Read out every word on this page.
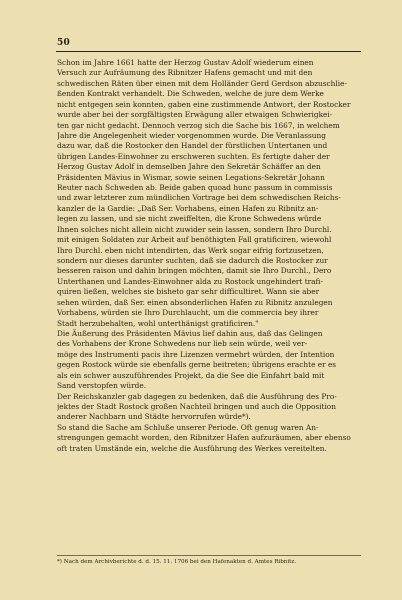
50
Schon im Jahre 1661 hatte der Herzog Gustav Adolf wiederum einen
Versuch zur Aufräumung des Ribnitzer Hafens gemacht und mit den
schwedischen Räten über einen mit dem Holländer Gerd Gerdson abzuschlie-
ßenden Kontrakt verhandelt. Die Schweden, welche de jure dem Werke
nicht entgegen sein konnten, gaben eine zustimmende Antwort, der Rostocker
wurde aber bei der sorgfältigsten Erwägung aller etwaigen Schwierigkei-
ten gar nicht gedacht. Dennoch verzog sich die Sache bis 1667, in welchem
Jahre die Angelegenheit wieder vorgenommen wurde. Die Veranlassung
dazu war, daß die Rostocker den Handel der fürstlichen Untertanen und
übrigen Landes-Einwohner zu erschweren suchten. Es fertigte daher der
Herzog Gustav Adolf in demselben Jahre den Sekretär Schäffer an den
Präsidenten Mävius in Wismar, sowie seinen Legations-Sekretär Johann
Reuter nach Schweden ab. Beide gaben quoad hunc passum in commissis
und zwar letzterer zum mündlichen Vortrage bei dem schwedischen Reichs-
kanzler de la Gardie: „Daß Ser. Vorhabens, einen Hafen zu Ribnitz an-
legen zu lassen, und sie nicht zweiffelten, die Krone Schwedens würde
Ihnen solches nicht allein nicht zuwider sein lassen, sondern Ihro Durchl.
mit einigen Soldaten zur Arbeit auf benöthigten Fall gratificiren, wiewohl
Ihro Durchl. eben nicht intendirten, das Werk sogar eifrig fortzusetzen,
sondern nur dieses darunter suchten, daß sie dadurch die Rostocker zur
besseren raison und dahin bringen möchten, damit sie Ihro Durchl., Dero
Unterthanen und Landes-Einwohner alda zu Rostock ungehindert trafi-
quiren ließen, welches sie bisheto gar sehr difficultiret. Wann sie aber
sehen würden, daß Ser. einen absonderlichen Hafen zu Ribnitz anzulegen
Vorhabens, würden sie Ihro Durchlaucht, um die commercia bey ihrer
Stadt herzubehalten, wohl unterthänigst gratificiren."
Die Äußerung des Präsidenten Mävius lief dahin aus, daß das Gelingen
des Vorhabens der Krone Schwedens nur lieb sein würde, weil ver-
möge des Instrumenti pacis ihre Lizenzen vermehrt würden, der Intention
gegen Rostock würde sie ebenfalls gerne beitreten; übrigens erachte er es
als ein schwer auszuführendes Projekt, da die See die Einfahrt bald mit
Sand verstopfen würde.
Der Reichskanzler gab dagegen zu bedenken, daß die Ausführung des Pro-
jektes der Stadt Rostock großen Nachteil bringen und auch die Opposition
anderer Nachbarn und Städte hervorrufen würde*).
So stand die Sache am Schluße unserer Periode. Oft genug waren An-
strengungen gemacht worden, den Ribnitzer Hafen aufzuräumen, aber ebenso
oft traten Umstände ein, welche die Ausführung des Werkes vereitelten.
*) Nach dem Archivberichte d. d. 15. 11. 1706 bei den Hafenakten d. Amtes Ribnitz.
